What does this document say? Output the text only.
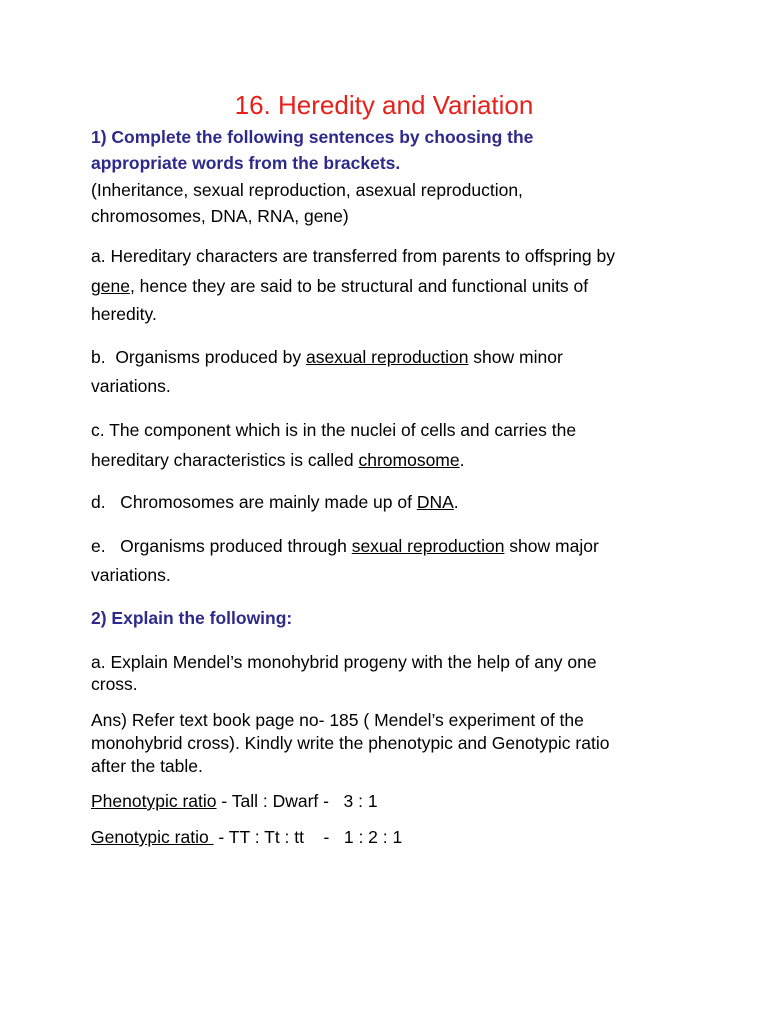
16. Heredity and Variation
1) Complete the following sentences by choosing the
appropriate words from the brackets.
(Inheritance, sexual reproduction, asexual reproduction,
chromosomes, DNA, RNA, gene)
a. Hereditary characters are transferred from parents to offspring by
gene, hence they are said to be structural and functional units of
heredity.
b.  Organisms produced by asexual reproduction show minor
variations.
c. The component which is in the nuclei of cells and carries the
hereditary characteristics is called chromosome.
d.   Chromosomes are mainly made up of DNA.
e.   Organisms produced through sexual reproduction show major
variations.
2) Explain the following:
a. Explain Mendel’s monohybrid progeny with the help of any one
cross.
Ans) Refer text book page no- 185 ( Mendel’s experiment of the
monohybrid cross). Kindly write the phenotypic and Genotypic ratio
after the table.
Phenotypic ratio - Tall : Dwarf -   3 : 1
Genotypic ratio  - TT : Tt : tt    -   1 : 2 : 1
